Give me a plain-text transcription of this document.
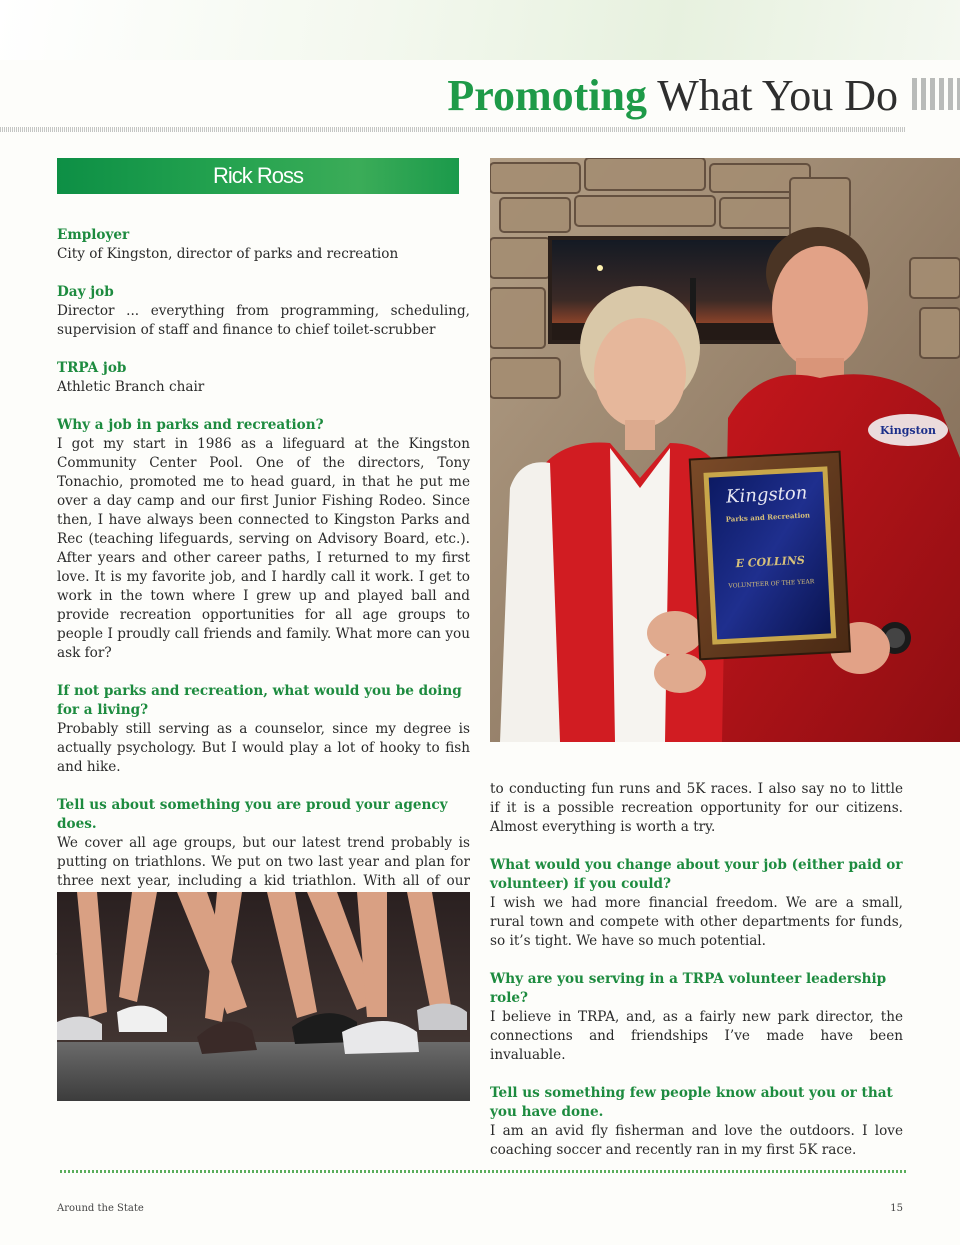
Promoting What You Do
Rick Ross

Employer

City of Kingston, director of parks and recreation

Day job

Director ... everything from programming, scheduling, supervision of staff and finance to chief toilet-scrubber

TRPA job

Athletic Branch chair

Why a job in parks and recreation?

I got my start in 1986 as a lifeguard at the Kingston Community Center Pool. One of the directors, Tony Tonachio, promoted me to head guard, in that he put me over a day camp and our first Junior Fishing Rodeo. Since then, I have always been connected to Kingston Parks and Rec (teaching lifeguards, serving on Advisory Board, etc.). After years and other career paths, I returned to my first love. It is my favorite job, and I hardly call it work. I get to work in the town where I grew up and played ball and provide recreation opportunities for all age groups to people I proudly call friends and family. What more can you ask for?

If not parks and recreation, what would you be doing for a living?

Probably still serving as a counselor, since my degree is actually psychology. But I would play a lot of hooky to fish and hike.

Tell us about something you are proud your agency does.

We cover all age groups, but our latest trend probably is putting on triathlons. We put on two last year and plan for three next year, including a kid triathlon. With all of our

Kingston
Kingston
Parks and Recreation
E COLLINS
VOLUNTEER OF THE YEAR

to conducting fun runs and 5K races. I also say no to little if it is a possible recreation opportunity for our citizens. Almost everything is worth a try.

What would you change about your job (either paid or volunteer) if you could?

I wish we had more financial freedom. We are a small, rural town and compete with other departments for funds, so it’s tight. We have so much potential.

Why are you serving in a TRPA volunteer leadership role?

I believe in TRPA, and, as a fairly new park director, the connections and friendships I’ve made have been invaluable.

Tell us something few people know about you or that you have done.

I am an avid fly fisherman and love the outdoors. I love coaching soccer and recently ran in my first 5K race.

Around the State	15
